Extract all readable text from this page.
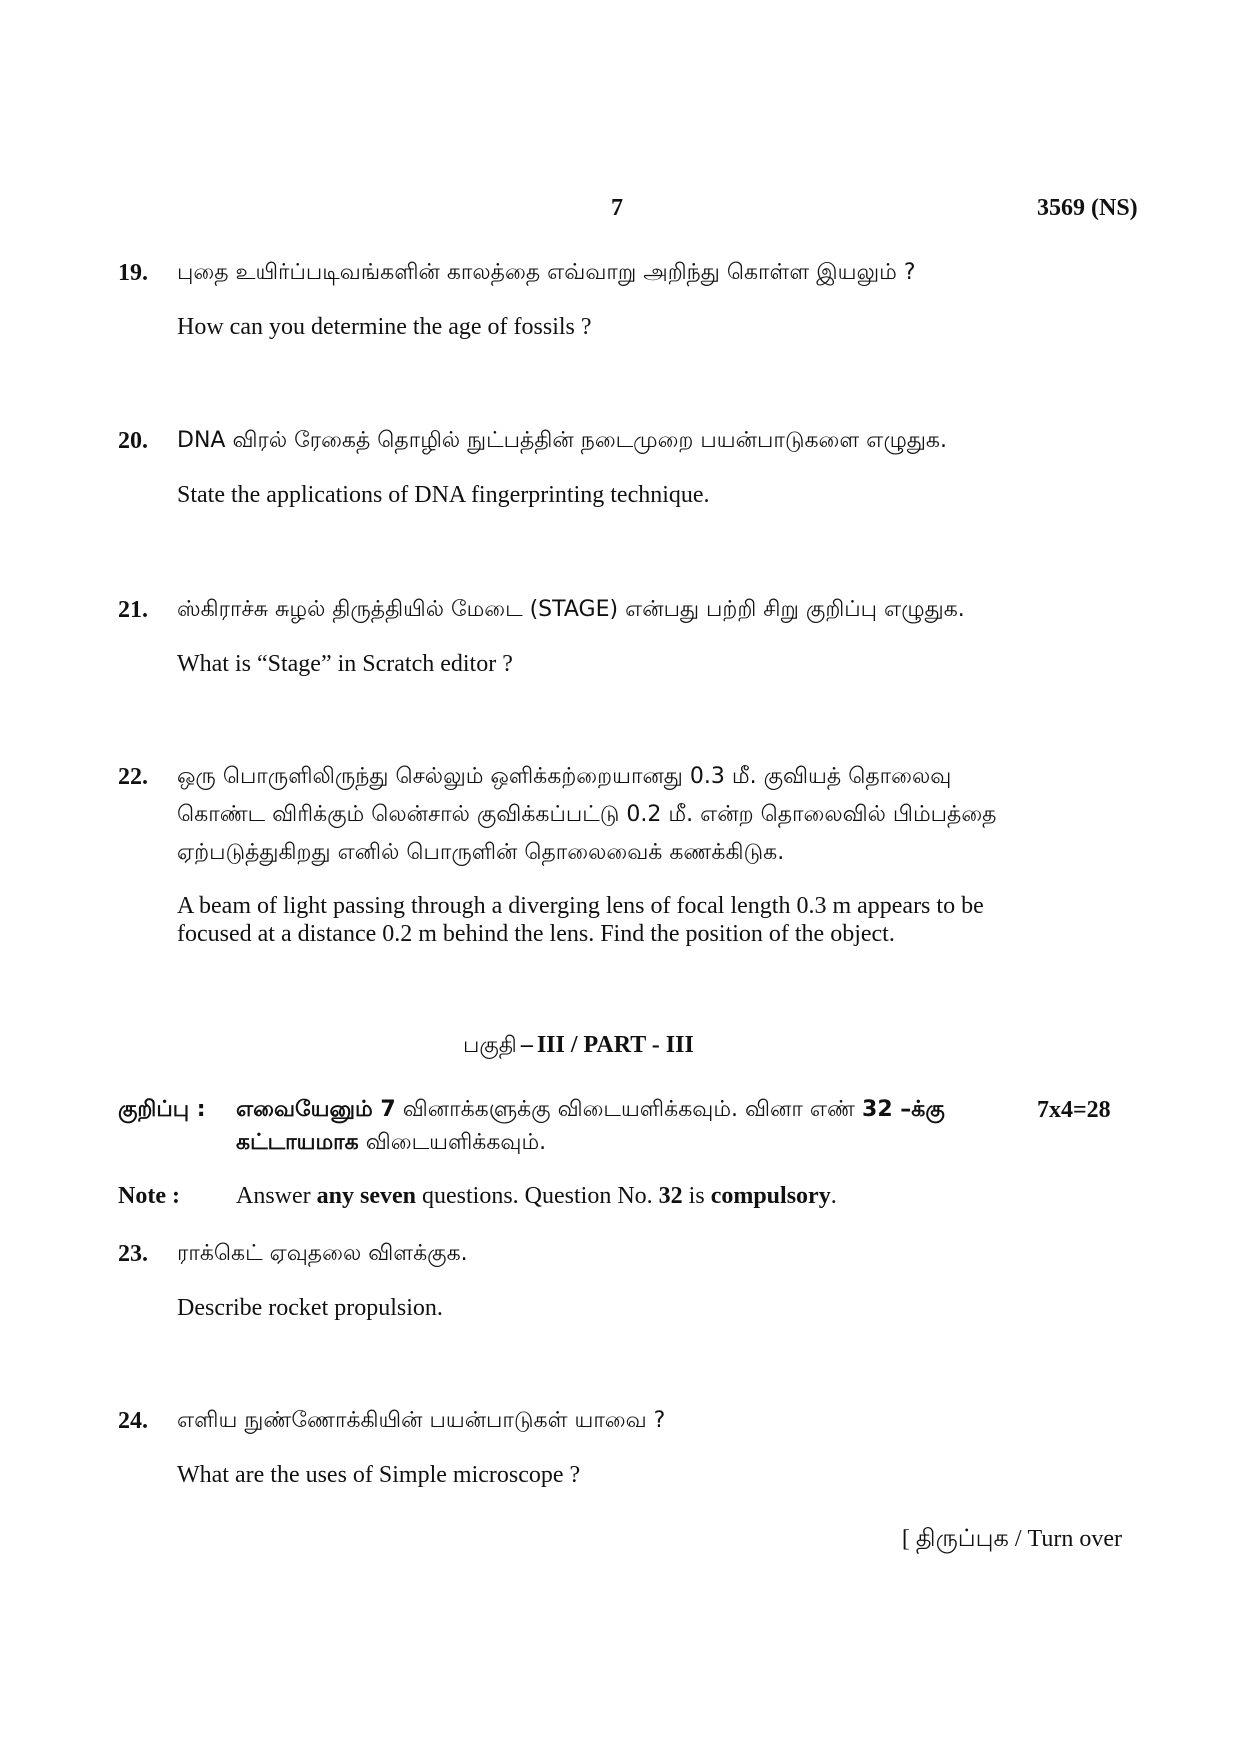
7	3569 (NS)
19. புதை உயிர்ப்படிவங்களின் காலத்தை எவ்வாறு அறிந்து கொள்ள இயலும் ?
How can you determine the age of fossils ?
20. DNA விரல் ரேகைத் தொழில் நுட்பத்தின் நடைமுறை பயன்பாடுகளை எழுதுக.
State the applications of DNA fingerprinting technique.
21. ஸ்கிராச்சு சுழல் திருத்தியில் மேடை (STAGE) என்பது பற்றி சிறு குறிப்பு எழுதுக.
What is “Stage” in Scratch editor ?
22. ஒரு பொருளிலிருந்து செல்லும் ஒளிக்கற்றையானது 0.3 மீ. குவியத் தொலைவு
கொண்ட விரிக்கும் லென்சால் குவிக்கப்பட்டு 0.2 மீ. என்ற தொலைவில் பிம்பத்தை
ஏற்படுத்துகிறது எனில் பொருளின் தொலைவைக் கணக்கிடுக.
A beam of light passing through a diverging lens of focal length 0.3 m appears to be
focused at a distance 0.2 m behind the lens. Find the position of the object.
பகுதி – III / PART - III
குறிப்பு : எவையேனும் 7 வினாக்களுக்கு விடையளிக்கவும். வினா எண் 32 –க்கு	7x4=28
கட்டாயமாக விடையளிக்கவும்.
Note : Answer any seven questions. Question No. 32 is compulsory.
23. ராக்கெட் ஏவுதலை விளக்குக.
Describe rocket propulsion.
24. எளிய நுண்ணோக்கியின் பயன்பாடுகள் யாவை ?
What are the uses of Simple microscope ?
[ திருப்புக / Turn over
